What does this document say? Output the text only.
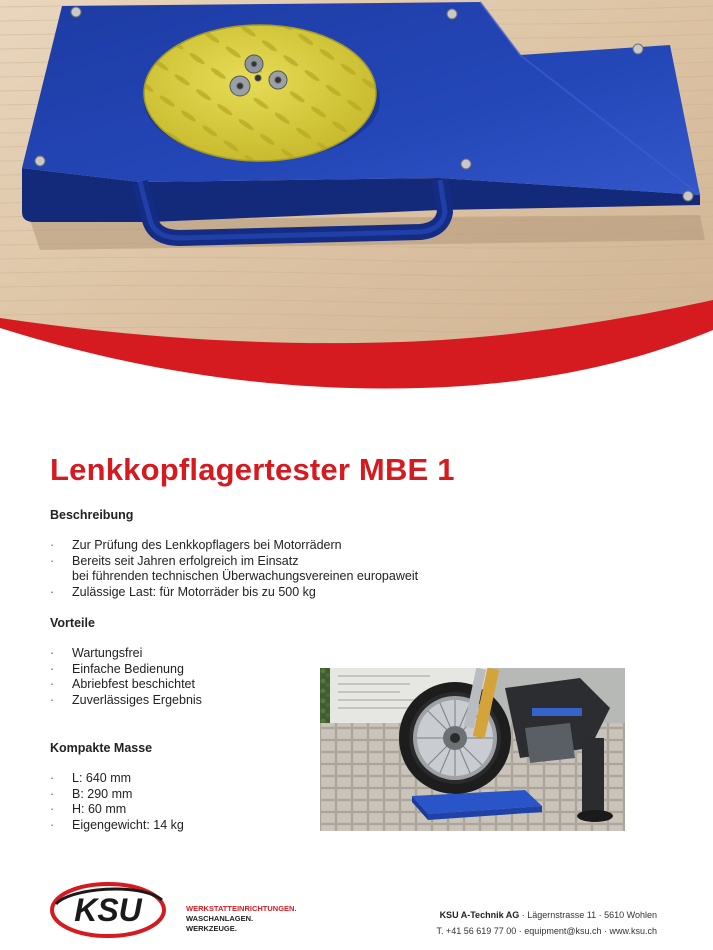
Lenkkopflagertester MBE 1
Beschreibung
· Zur Prüfung des Lenkkopflagers bei Motorrädern
· Bereits seit Jahren erfolgreich im Einsatz
bei führenden technischen Überwachungsvereinen europaweit
· Zulässige Last: für Motorräder bis zu 500 kg
Vorteile
· Wartungsfrei
· Einfache Bedienung
· Abriebfest beschichtet
· Zuverlässiges Ergebnis
Kompakte Masse
· L: 640 mm
· B: 290 mm
· H: 60 mm
· Eigengewicht: 14 kg
KSU	WERKSTATTEINRICHTUNGEN.
WASCHANLAGEN.
WERKZEUGE.
KSU A-Technik AG · Lägernstrasse 11 · 5610 Wohlen
T. +41 56 619 77 00 · equipment@ksu.ch · www.ksu.ch
